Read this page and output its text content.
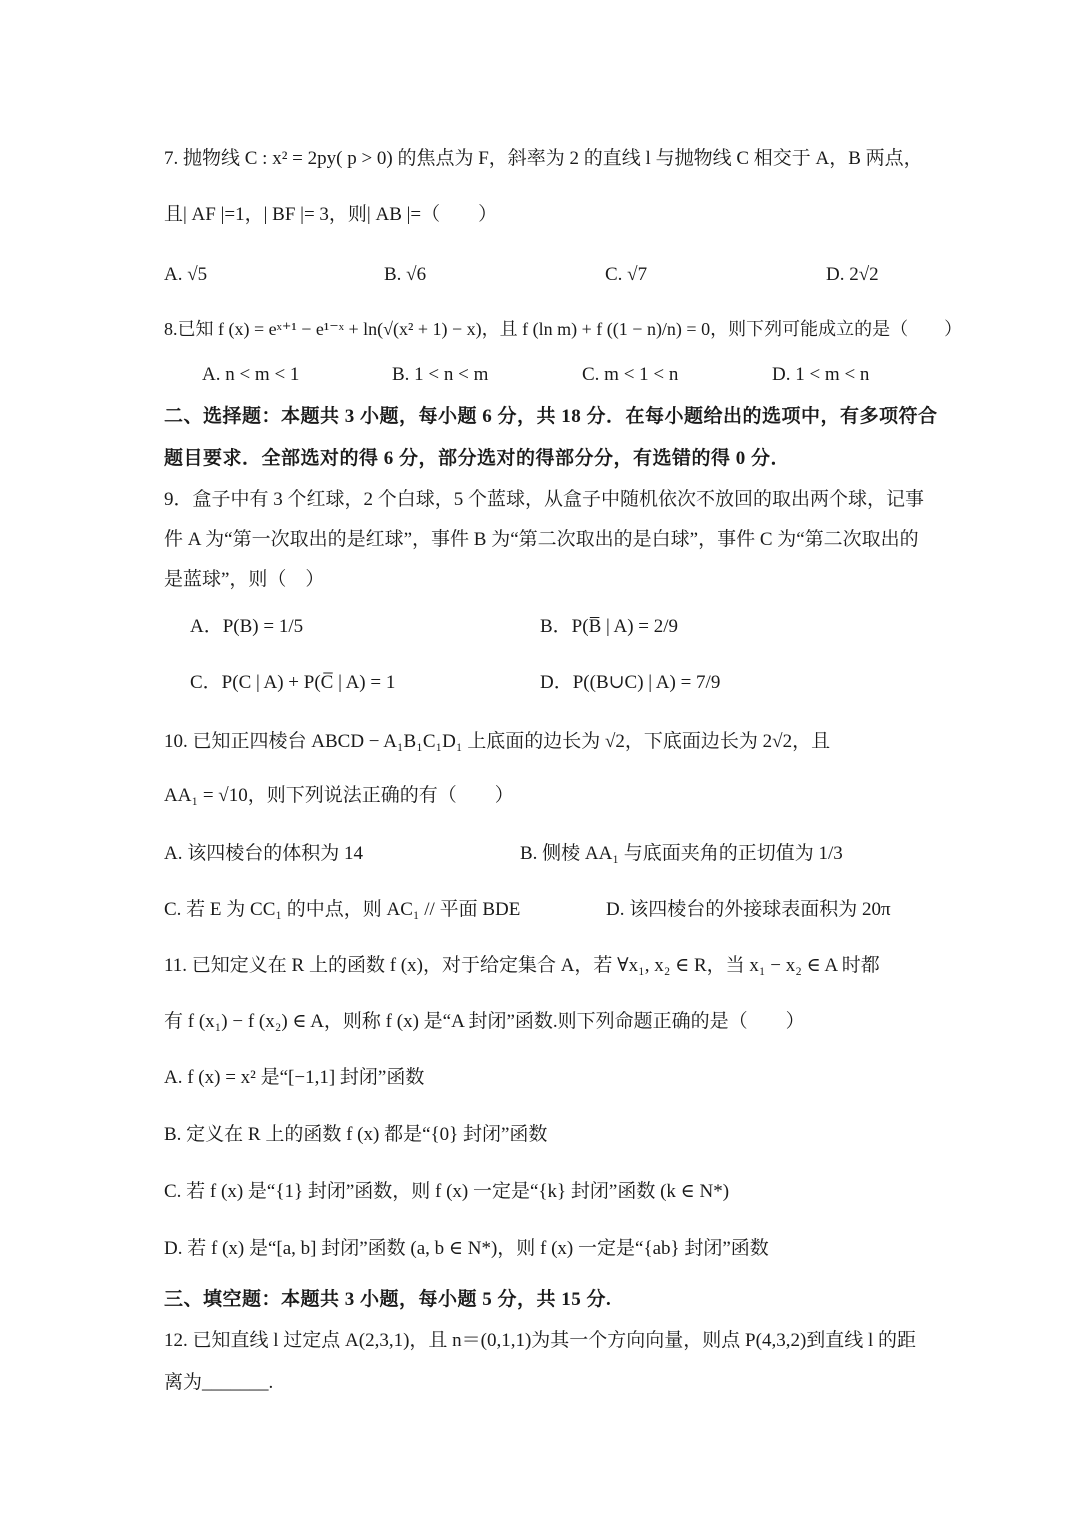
7. 抛物线 C : x² = 2py( p > 0) 的焦点为 F，斜率为 2 的直线 l 与抛物线 C 相交于 A，B 两点，
且| AF |=1，| BF |= 3，则| AB |=（　　）
A. √5	B. √6	C. √7	D. 2√2
8.已知 f (x) = eˣ⁺¹ − e¹⁻ˣ + ln(√(x² + 1) − x)，且 f (ln m) + f ((1 − n)/n) = 0，则下列可能成立的是（　　）
A. n < m < 1	B. 1 < n < m	C. m < 1 < n	D. 1 < m < n
二、选择题：本题共 3 小题，每小题 6 分，共 18 分．在每小题给出的选项中，有多项符合
题目要求．全部选对的得 6 分，部分选对的得部分分，有选错的得 0 分．
9．盒子中有 3 个红球，2 个白球，5 个蓝球，从盒子中随机依次不放回的取出两个球，记事
件 A 为“第一次取出的是红球”，事件 B 为“第二次取出的是白球”，事件 C 为“第二次取出的
是蓝球”，则（　）
A．P(B) = 1/5	B．P(B̅ | A) = 2/9
C．P(C | A) + P(C̅ | A) = 1	D．P((B∪C) | A) = 7/9
10. 已知正四棱台 ABCD − A₁B₁C₁D₁ 上底面的边长为 √2，下底面边长为 2√2，且
AA₁ = √10，则下列说法正确的有（　　）
A. 该四棱台的体积为 14	B. 侧棱 AA₁ 与底面夹角的正切值为 1/3
C. 若 E 为 CC₁ 的中点，则 AC₁ // 平面 BDE	D. 该四棱台的外接球表面积为 20π
11. 已知定义在 R 上的函数 f (x)，对于给定集合 A，若 ∀x₁, x₂ ∈ R，当 x₁ − x₂ ∈ A 时都
有 f (x₁) − f (x₂) ∈ A，则称 f (x) 是“A 封闭”函数.则下列命题正确的是（　　）
A. f (x) = x² 是“[−1,1] 封闭”函数
B. 定义在 R 上的函数 f (x) 都是“{0} 封闭”函数
C. 若 f (x) 是“{1} 封闭”函数，则 f (x) 一定是“{k} 封闭”函数 (k ∈ N*)
D. 若 f (x) 是“[a, b] 封闭”函数 (a, b ∈ N*)，则 f (x) 一定是“{ab} 封闭”函数
三、填空题：本题共 3 小题，每小题 5 分，共 15 分.
12. 已知直线 l 过定点 A(2,3,1)，且 n＝(0,1,1)为其一个方向向量，则点 P(4,3,2)到直线 l 的距
离为_______.
